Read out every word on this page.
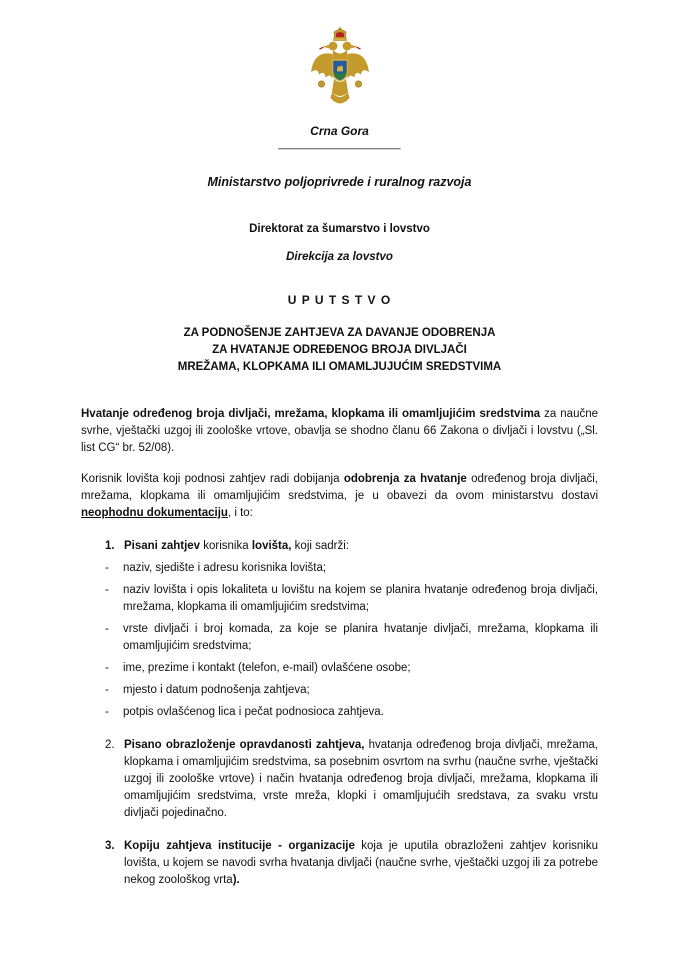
Crna Gora
____________________
Ministarstvo poljoprivrede i ruralnog razvoja
Direktorat za šumarstvo i lovstvo
Direkcija za lovstvo
U P U T S T V O
ZA PODNOŠENJE ZAHTJEVA ZA DAVANJE ODOBRENJA
ZA HVATANJE ODREĐENOG BROJA DIVLJAČI
MREŽAMA, KLOPKAMA ILI OMAMLJUJUĆIM SREDSTVIMA

Hvatanje određenog broja divljači, mrežama, klopkama ili omamljujićim sredstvima za naučne svrhe, vještački uzgoj ili zoološke vrtove, obavlja se shodno članu 66 Zakona o divljači i lovstvu („Sl. list CG“ br. 52/08).

Korisnik lovišta koji podnosi zahtjev radi dobijanja odobrenja za hvatanje određenog broja divljači, mrežama, klopkama ili omamljujićim sredstvima, je u obavezi da ovom ministarstvu dostavi neophodnu dokumentaciju, i to:

1. Pisani zahtjev korisnika lovišta, koji sadrži:

-	naziv, sjedište i adresu korisnika lovišta;
-	naziv lovišta i opis lokaliteta u lovištu na kojem se planira hvatanje određenog broja divljači, mrežama, klopkama ili omamljujićim sredstvima;
-	vrste divljači i broj komada, za koje se planira hvatanje divljači, mrežama, klopkama ili omamljujićim sredstvima;
-	ime, prezime i kontakt (telefon, e-mail) ovlašćene osobe;
-	mjesto i datum podnošenja zahtjeva;
-	potpis ovlašćenog lica i pečat podnosioca zahtjeva.
2. Pisano obrazloženje opravdanosti zahtjeva, hvatanja određenog broja divljači, mrežama, klopkama i omamljujićim sredstvima, sa posebnim osvrtom na svrhu (naučne svrhe, vještački uzgoj ili zoološke vrtove) i način hvatanja određenog broja divljači, mrežama, klopkama ili omamljujićim sredstvima, vrste mreža, klopki i omamljujućih sredstava, za svaku vrstu divljači pojedinačno.

3. Kopiju zahtjeva institucije - organizacije koja je uputila obrazloženi zahtjev korisniku lovišta, u kojem se navodi svrha hvatanja divljači (naučne svrhe, vještački uzgoj ili za potrebe nekog zoološkog vrta).
